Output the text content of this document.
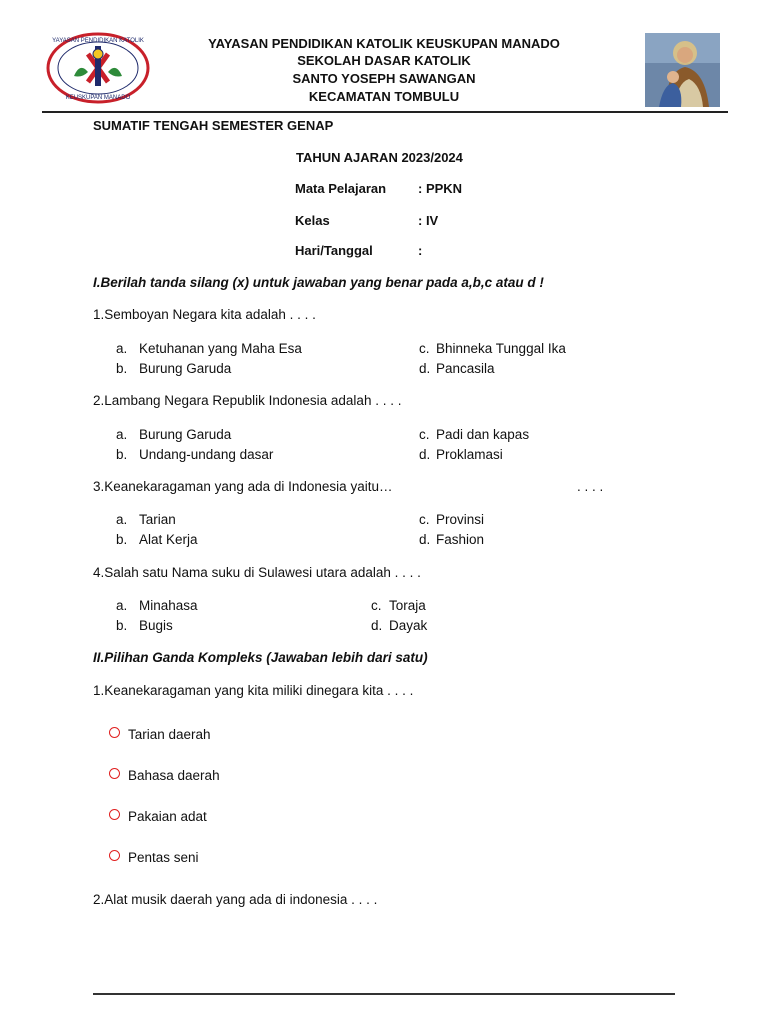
YAYASAN PENDIDIKAN KATOLIK
KEUSKUPAN MANADO
YAYASAN PENDIDIKAN KATOLIK KEUSKUPAN MANADO
SEKOLAH DASAR KATOLIK
SANTO YOSEPH SAWANGAN
KECAMATAN TOMBULU
SUMATIF TENGAH SEMESTER GENAP
TAHUN AJARAN 2023/2024
Mata Pelajaran : PPKN
Kelas	: IV
Hari/Tanggal	:
I.Berilah tanda silang (x) untuk jawaban yang benar pada a,b,c atau d !
1.Semboyan Negara kita adalah . . . .
a. Ketuhanan yang Maha Esa
b. Burung Garuda
c. Bhinneka Tunggal Ika
d. Pancasila
2.Lambang Negara Republik Indonesia adalah . . . .
a. Burung Garuda
b. Undang-undang dasar
c. Padi dan kapas
d. Proklamasi
3.Keanekaragaman yang ada di Indonesia yaitu…	. . . .
a. Tarian
b. Alat Kerja
c. Provinsi
d. Fashion
4.Salah satu Nama suku di Sulawesi utara adalah . . . .
a. Minahasa
b. Bugis
c. Toraja
d. Dayak
II.Pilihan Ganda Kompleks (Jawaban lebih dari satu)
1.Keanekaragaman yang kita miliki dinegara kita . . . .
Tarian daerah
Bahasa daerah
Pakaian adat
Pentas seni
2.Alat musik daerah yang ada di indonesia . . . .
